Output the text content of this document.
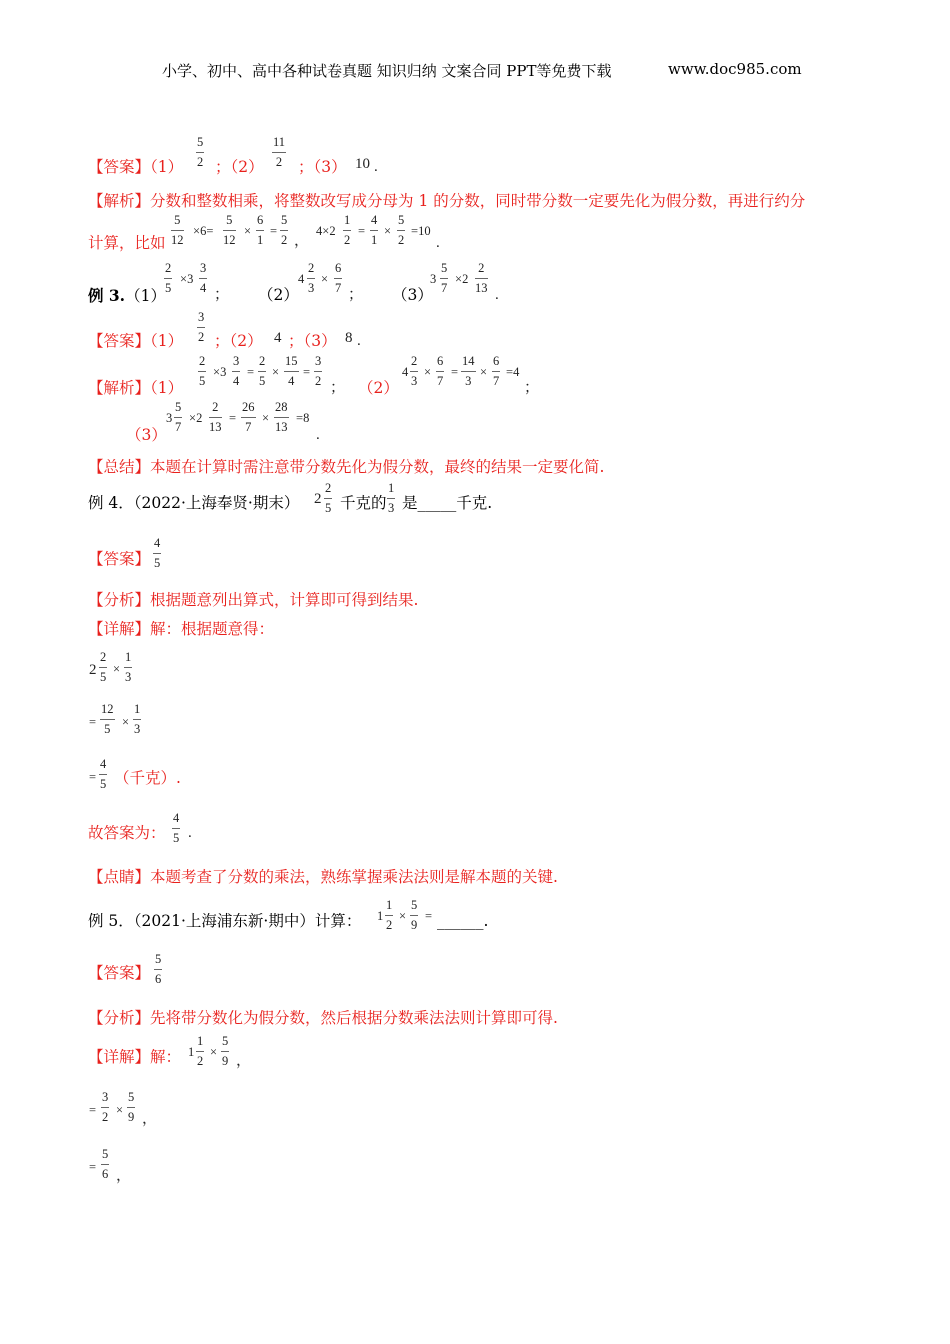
小学、初中、高中各种试卷真题 知识归纳 文案合同 PPT等免费下载	www.doc985.com
【答案】（1）
5
2 ；（2）
11
2 ；（3） 10 .
【解析】分数和整数相乘，将整数改写成分母为 1 的分数，同时带分数一定要先化为假分数，再进行约分
计算，比如
5
12
×6=
5
12
×
6
1
=
5
2 ，
4×2
1
2
=
4
1
×
5
2
=10
.
例 3.（1）
2
5
×3
3
4 ； （2）
4
2
3
×
6
7 ； （3）
3
5
7
×2
2
13 .
【答案】（1）
3
2 ；（2） 4 ；（3） 8 .
【解析】（1）
2
5
×3
3
4
=
2
5
×
15
4
=
3
2 ； （2）
4
2
3
×
6
7
=
14
3
×
6
7
=4
；
（3）
3
5
7
×2
2
13
=
26
7
×
28
13
=8
.
【总结】本题在计算时需注意带分数先化为假分数，最终的结果一定要化简.
例 4．（2022·上海奉贤·期末） 2
2
5 千克的
1
3 是_____千克.
【答案】
4
5
【分析】根据题意列出算式，计算即可得到结果.
【详解】解：根据题意得：
2
2
5
×
1
3
=
12
5 ×
1
3
=
4
5 （千克）.
故答案为：
4
5 .
【点睛】本题考查了分数的乘法，熟练掌握乘法法则是解本题的关键.
例 5．（2021·上海浦东新·期中）计算： 1
1
2
×
5
9
= ______.
【答案】
5
6
【分析】先将带分数化为假分数，然后根据分数乘法法则计算即可得.
【详解】解： 1
1
2
×
5
9 ，
=
3
2 ×
5
9 ，
=
5
6 ，
